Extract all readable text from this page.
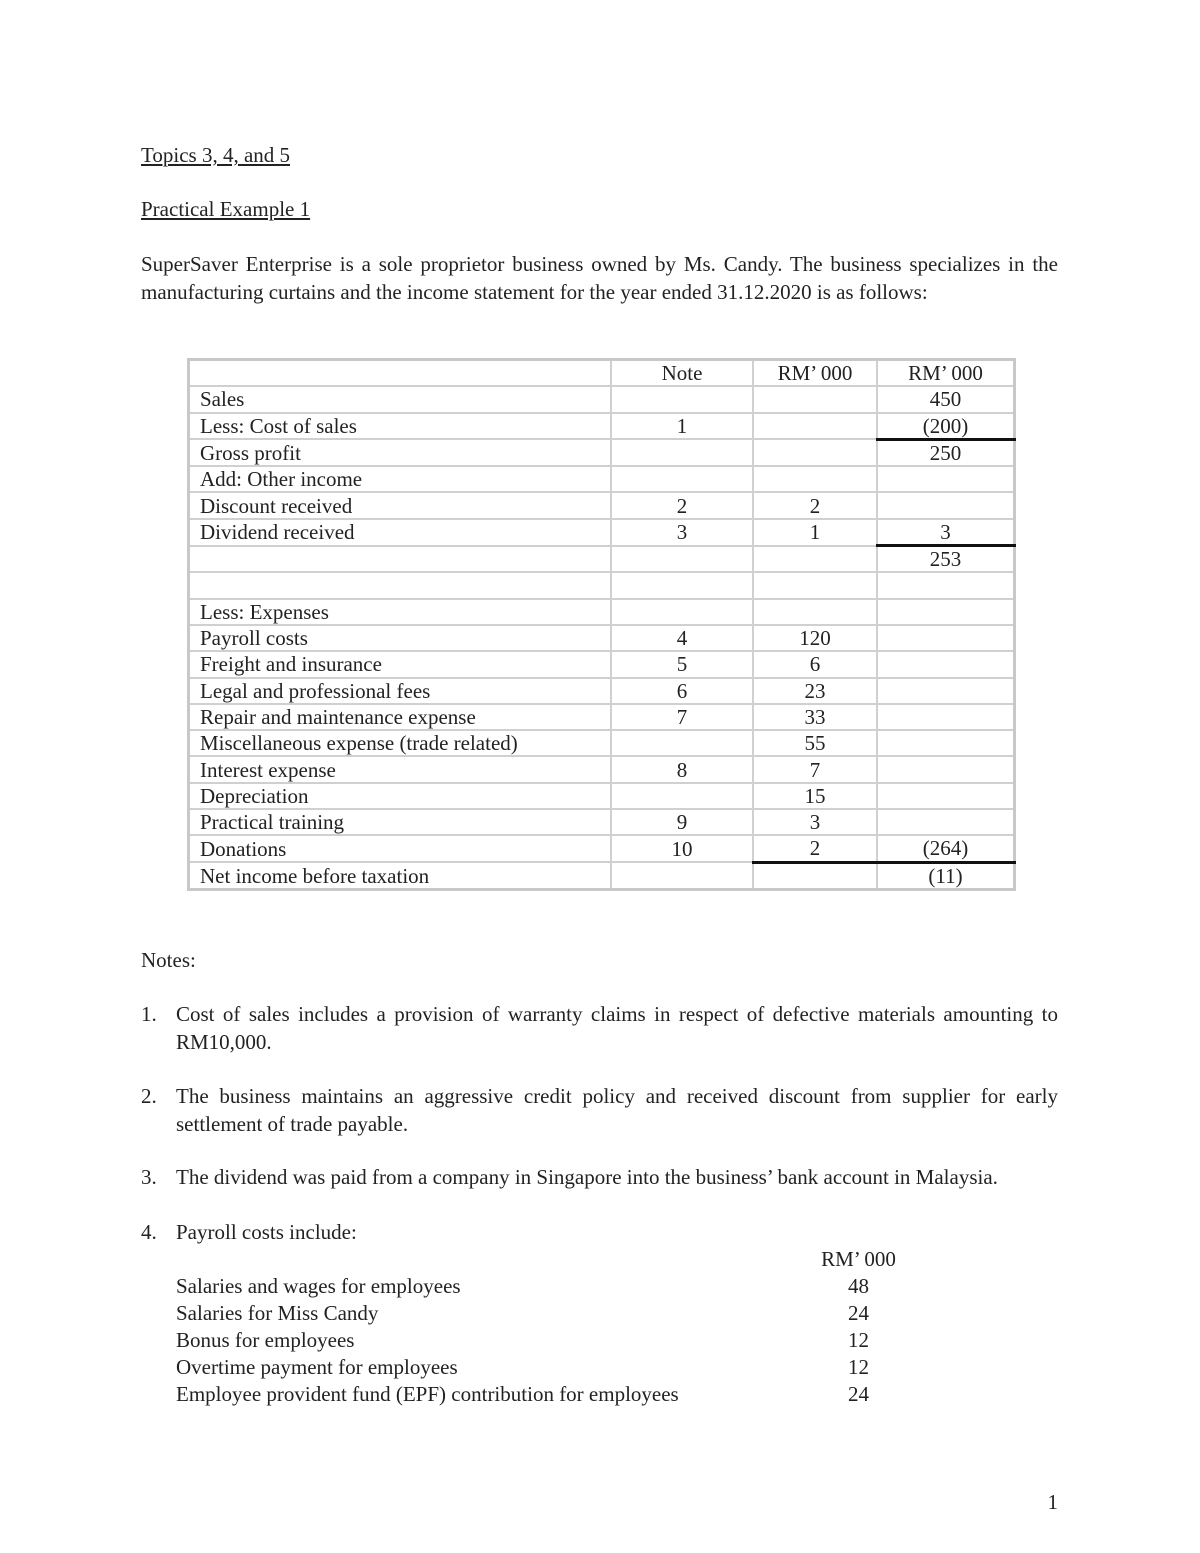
Topics 3, 4, and 5
Practical Example 1
SuperSaver Enterprise is a sole proprietor business owned by Ms. Candy. The business specializes in the manufacturing curtains and the income statement for the year ended 31.12.2020 is as follows:
	Note	RM’ 000	RM’ 000
Sales			450
Less: Cost of sales	1		(200)
Gross profit			250
Add: Other income			
Discount received	2	2	
Dividend received	3	1	3
			253

Less: Expenses			
Payroll costs	4	120	
Freight and insurance	5	6	
Legal and professional fees	6	23	
Repair and maintenance expense	7	33	
Miscellaneous expense (trade related)		55	
Interest expense	8	7	
Depreciation		15	
Practical training	9	3	
Donations	10	2	(264)
Net income before taxation			(11)
Notes:
1. Cost of sales includes a provision of warranty claims in respect of defective materials amounting to RM10,000.
2. The business maintains an aggressive credit policy and received discount from supplier for early settlement of trade payable.
3. The dividend was paid from a company in Singapore into the business’ bank account in Malaysia.
4. Payroll costs include:
RM’ 000
Salaries and wages for employees	48
Salaries for Miss Candy	24
Bonus for employees	12
Overtime payment for employees	12
Employee provident fund (EPF) contribution for employees	24
1
